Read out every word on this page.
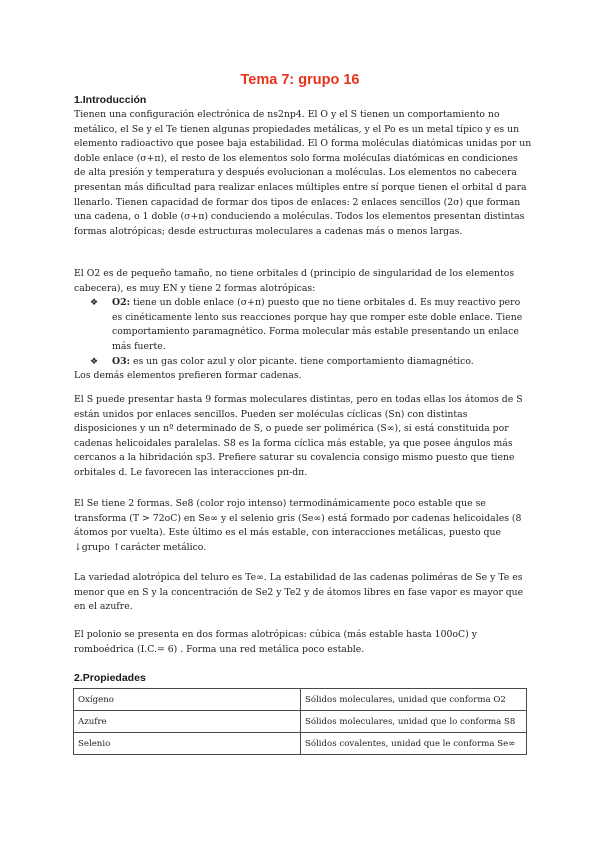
Tema 7: grupo 16
1.Introducción

Tienen una configuración electrónica de ns2np4. El O y el S tienen un comportamiento no metálico, el Se y el Te tienen algunas propiedades metálicas, y el Po es un metal típico y es un elemento radioactivo que posee baja estabilidad. El O forma moléculas diatómicas unidas por un doble enlace (σ+π), el resto de los elementos solo forma moléculas diatómicas en condiciones de alta presión y temperatura y después evolucionan a moléculas. Los elementos no cabecera presentan más dificultad para realizar enlaces múltiples entre sí porque tienen el orbital d para llenarlo. Tienen capacidad de formar dos tipos de enlaces: 2 enlaces sencillos (2σ) que forman una cadena, o 1 doble (σ+π) conduciendo a moléculas. Todos los elementos presentan distintas formas alotrópicas; desde estructuras moleculares a cadenas más o menos largas.

El O2 es de pequeño tamaño, no tiene orbitales d (principio de singularidad de los elementos cabecera), es muy EN y tiene 2 formas alotrópicas:

❖ O2: tiene un doble enlace (σ+π) puesto que no tiene orbitales d. Es muy reactivo pero es cinéticamente lento sus reacciones porque hay que romper este doble enlace. Tiene comportamiento paramagnético. Forma molecular más estable presentando un enlace más fuerte.
❖ O3: es un gas color azul y olor picante. tiene comportamiento diamagnético.

Los demás elementos prefieren formar cadenas.

El S puede presentar hasta 9 formas moleculares distintas, pero en todas ellas los átomos de S están unidos por enlaces sencillos. Pueden ser moléculas cíclicas (Sn) con distintas disposiciones y un nº determinado de S, o puede ser polimérica (S∞), si está constituida por cadenas helicoidales paralelas. S8 es la forma cíclica más estable, ya que posee ángulos más cercanos a la hibridación sp3. Prefiere saturar su covalencia consigo mismo puesto que tiene orbitales d. Le favorecen las interacciones pπ-dπ.

El Se tiene 2 formas. Se8 (color rojo intenso) termodinámicamente poco estable que se transforma (T > 72oC) en Se∞ y el selenio gris (Se∞) está formado por cadenas helicoidales (8 átomos por vuelta). Este último es el más estable, con interacciones metálicas, puesto que ↓grupo ↑carácter metálico.

La variedad alotrópica del teluro es Te∞. La estabilidad de las cadenas poliméras de Se y Te es menor que en S y la concentración de Se2 y Te2 y de átomos libres en fase vapor es mayor que en el azufre.

El polonio se presenta en dos formas alotrópicas: cúbica (más estable hasta 100oC) y romboédrica (I.C.= 6) . Forma una red metálica poco estable.

2.Propiedades
Oxígeno	Sólidos moleculares, unidad que conforma O2
Azufre	Sólidos moleculares, unidad que lo conforma S8
Selenio	Sólidos covalentes, unidad que le conforma Se∞
